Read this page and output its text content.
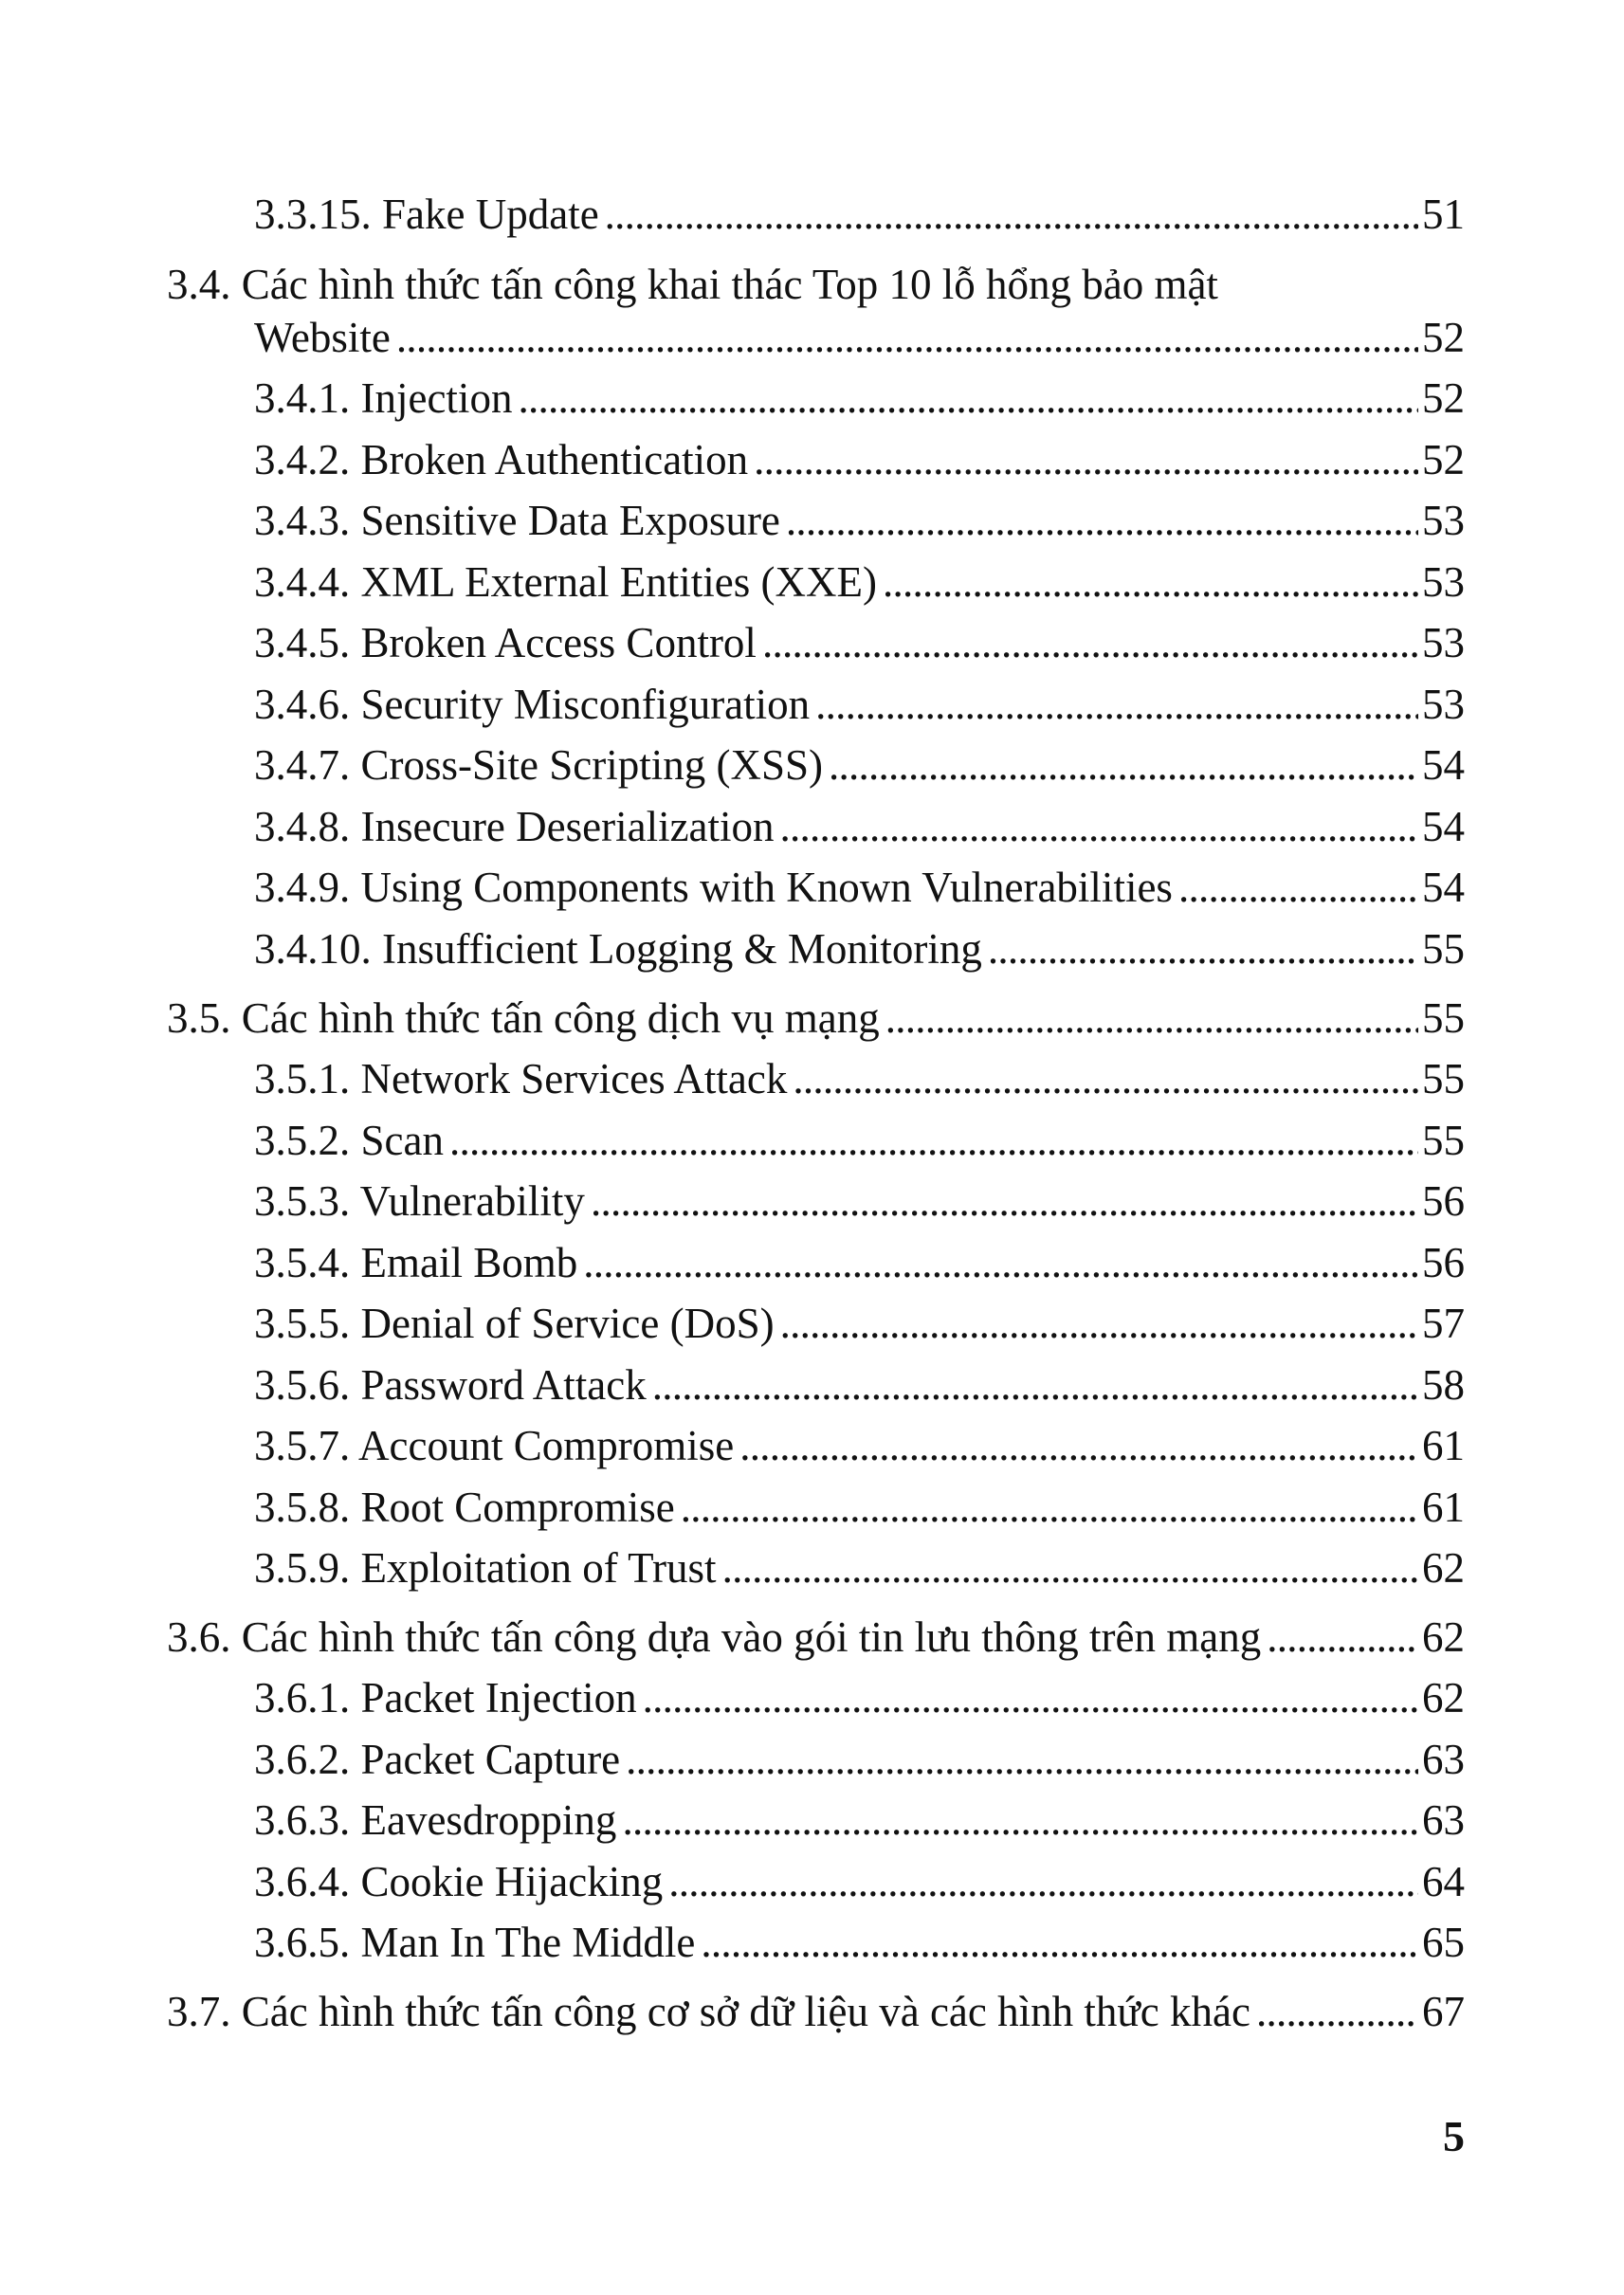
3.3.15. Fake Update . . .	51
3.4. Các hình thức tấn công khai thác Top 10 lỗ hổng bảo mật
Website . . .	52
3.4.1. Injection . . .	52
3.4.2. Broken Authentication . . .	52
3.4.3. Sensitive Data Exposure . . .	53
3.4.4. XML External Entities (XXE) . . .	53
3.4.5. Broken Access Control . . .	53
3.4.6. Security Misconfiguration . . .	53
3.4.7. Cross-Site Scripting (XSS) . . .	54
3.4.8. Insecure Deserialization . . .	54
3.4.9. Using Components with Known Vulnerabilities . . .	54
3.4.10. Insufficient Logging & Monitoring . . .	55
3.5. Các hình thức tấn công dịch vụ mạng . . .	55
3.5.1. Network Services Attack . . .	55
3.5.2. Scan . . .	55
3.5.3. Vulnerability . . .	56
3.5.4. Email Bomb . . .	56
3.5.5. Denial of Service (DoS) . . .	57
3.5.6. Password Attack . . .	58
3.5.7. Account Compromise . . .	61
3.5.8. Root Compromise . . .	61
3.5.9. Exploitation of Trust . . .	62
3.6. Các hình thức tấn công dựa vào gói tin lưu thông trên mạng . . .	62
3.6.1. Packet Injection . . .	62
3.6.2. Packet Capture . . .	63
3.6.3. Eavesdropping . . .	63
3.6.4. Cookie Hijacking . . .	64
3.6.5. Man In The Middle . . .	65
3.7. Các hình thức tấn công cơ sở dữ liệu và các hình thức khác . . .	67
5
